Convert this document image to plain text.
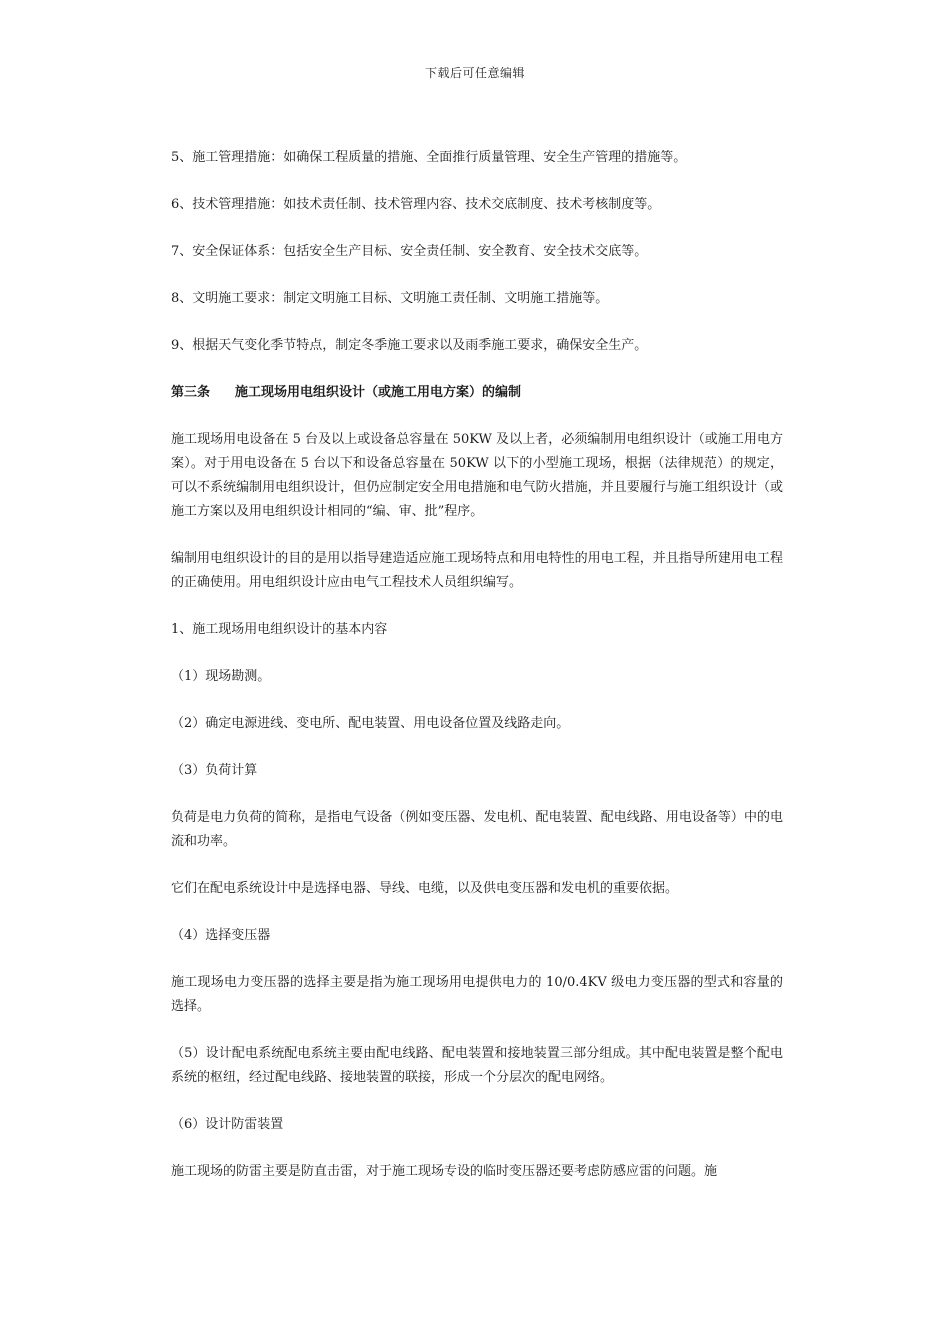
下载后可任意编辑

5、施工管理措施：如确保工程质量的措施、全面推行质量管理、安全生产管理的措施等。

6、技术管理措施：如技术责任制、技术管理内容、技术交底制度、技术考核制度等。

7、安全保证体系：包括安全生产目标、安全责任制、安全教育、安全技术交底等。

8、文明施工要求：制定文明施工目标、文明施工责任制、文明施工措施等。

9、根据天气变化季节特点，制定冬季施工要求以及雨季施工要求，确保安全生产。

第三条 施工现场用电组织设计（或施工用电方案）的编制

施工现场用电设备在 5 台及以上或设备总容量在 50KW 及以上者，必须编制用电组织设计（或施工用电方案）。对于用电设备在 5 台以下和设备总容量在 50KW 以下的小型施工现场，根据（法律规范）的规定，可以不系统编制用电组织设计，但仍应制定安全用电措施和电气防火措施，并且要履行与施工组织设计（或施工方案以及用电组织设计相同的“编、审、批”程序。

编制用电组织设计的目的是用以指导建造适应施工现场特点和用电特性的用电工程，并且指导所建用电工程的正确使用。用电组织设计应由电气工程技术人员组织编写。

1、施工现场用电组织设计的基本内容

（1）现场勘测。

（2）确定电源进线、变电所、配电装置、用电设备位置及线路走向。

（3）负荷计算

负荷是电力负荷的简称，是指电气设备（例如变压器、发电机、配电装置、配电线路、用电设备等）中的电流和功率。

它们在配电系统设计中是选择电器、导线、电缆，以及供电变压器和发电机的重要依据。

（4）选择变压器

施工现场电力变压器的选择主要是指为施工现场用电提供电力的 10/0.4KV 级电力变压器的型式和容量的选择。

（5）设计配电系统配电系统主要由配电线路、配电装置和接地装置三部分组成。其中配电装置是整个配电系统的枢纽，经过配电线路、接地装置的联接，形成一个分层次的配电网络。

（6）设计防雷装置

施工现场的防雷主要是防直击雷，对于施工现场专设的临时变压器还要考虑防感应雷的问题。施
